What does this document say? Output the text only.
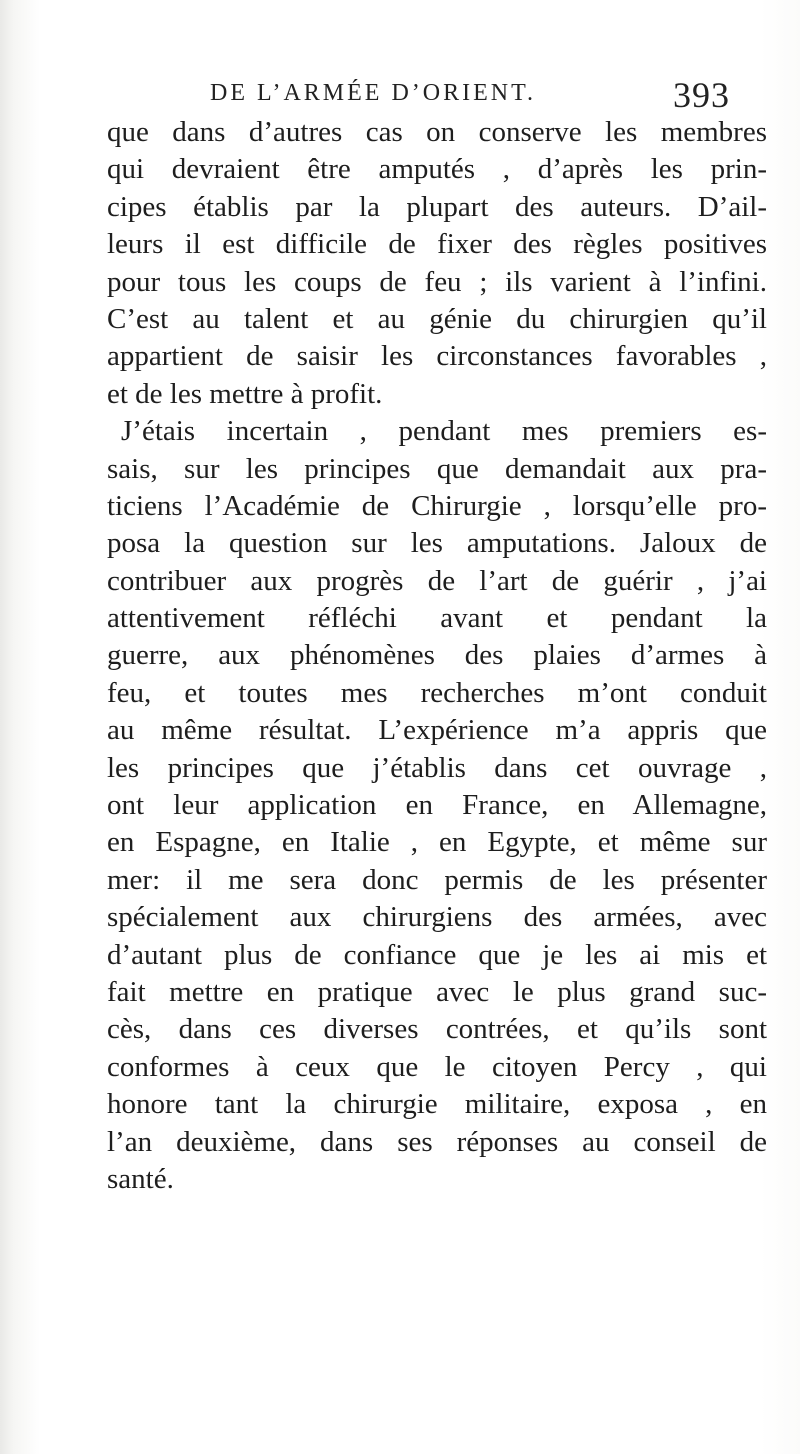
DE L’ARMÉE D’ORIENT.	393
que dans d’autres cas on conserve les membres
qui devraient être amputés , d’après les prin-
cipes établis par la plupart des auteurs. D’ail-
leurs il est difficile de fixer des règles positives
pour tous les coups de feu ; ils varient à l’infini.
C’est au talent et au génie du chirurgien qu’il
appartient de saisir les circonstances favorables ,
et de les mettre à profit.
J’étais incertain , pendant mes premiers es-
sais, sur les principes que demandait aux pra-
ticiens l’Académie de Chirurgie , lorsqu’elle pro-
posa la question sur les amputations. Jaloux de
contribuer aux progrès de l’art de guérir , j’ai
attentivement réfléchi avant et pendant la
guerre, aux phénomènes des plaies d’armes à
feu, et toutes mes recherches m’ont conduit
au même résultat. L’expérience m’a appris que
les principes que j’établis dans cet ouvrage ,
ont leur application en France, en Allemagne,
en Espagne, en Italie , en Egypte, et même sur
mer: il me sera donc permis de les présenter
spécialement aux chirurgiens des armées, avec
d’autant plus de confiance que je les ai mis et
fait mettre en pratique avec le plus grand suc-
cès, dans ces diverses contrées, et qu’ils sont
conformes à ceux que le citoyen Percy , qui
honore tant la chirurgie militaire, exposa , en
l’an deuxième, dans ses réponses au conseil de
santé.
